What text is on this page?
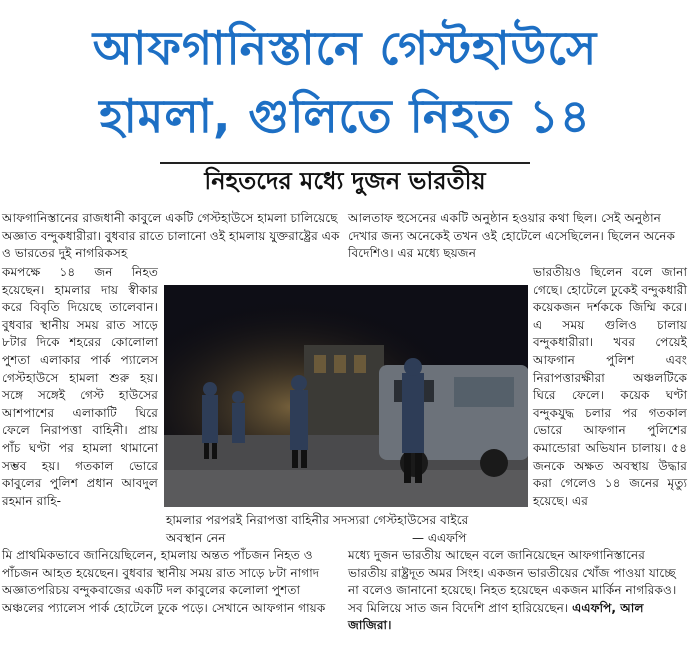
আফগানিস্তানে গেস্টহাউসে
হামলা, গুলিতে নিহত ১৪
নিহতদের মধ্যে দুজন ভারতীয়

আফগানিস্তানের রাজধানী কাবুলে একটি গেস্টহাউসে হামলা চালিয়েছে অজ্ঞাত বন্দুকধারীরা। বুধবার রাতে চালানো ওই হামলায় যুক্তরাষ্ট্রের এক ও ভারতের দুই নাগরিকসহ

কমপক্ষে ১৪ জন নিহত হয়েছেন। হামলার দায় স্বীকার করে বিবৃতি দিয়েছে তালেবান। বুধবার স্থানীয় সময় রাত সাড়ে ৮টার দিকে শহরের কোলোলা পুশতা এলাকার পার্ক প্যালেস গেস্টহাউসে হামলা শুরু হয়। সঙ্গে সঙ্গেই গেস্ট হাউসের আশপাশের এলাকাটি ঘিরে ফেলে নিরাপত্তা বাহিনী। প্রায় পাঁচ ঘণ্টা পর হামলা থামানো সম্ভব হয়। গতকাল ভোরে কাবুলের পুলিশ প্রধান আবদুল রহমান রাহি-

মি প্রাথমিকভাবে জানিয়েছিলেন, হামলায় অন্তত পাঁচজন নিহত ও পাঁচজন আহত হয়েছেন। বুধবার স্থানীয় সময় রাত সাড়ে ৮টা নাগাদ অজ্ঞাতপরিচয় বন্দুকবাজের একটি দল কাবুলের কলোলা পুশতা অঞ্চলের প্যালেস পার্ক হোটেলে ঢুকে পড়ে। সেখানে আফগান গায়ক

আলতাফ হুসেনের একটি অনুষ্ঠান হওয়ার কথা ছিল। সেই অনুষ্ঠান দেখার জন্য অনেকেই তখন ওই হোটেলে এসেছিলেন। ছিলেন অনেক বিদেশিও। এর মধ্যে ছয়জন

ভারতীয়ও ছিলেন বলে জানা গেছে। হোটেলে ঢুকেই বন্দুকধারী কয়েকজন দর্শককে জিম্মি করে। এ সময় গুলিও চালায় বন্দুকধারীরা। খবর পেয়েই আফগান পুলিশ এবং নিরাপত্তারক্ষীরা অঞ্চলটিকে ঘিরে ফেলে। কয়েক ঘণ্টা বন্দুকযুদ্ধ চলার পর গতকাল ভোরে আফগান পুলিশের কমান্ডোরা অভিযান চালায়। ৫৪ জনকে অক্ষত অবস্থায় উদ্ধার করা গেলেও ১৪ জনের মৃত্যু হয়েছে। এর

মধ্যে দুজন ভারতীয় আছেন বলে জানিয়েছেন আফগানিস্তানের ভারতীয় রাষ্ট্রদূত অমর সিংহ। একজন ভারতীয়ের খোঁজ পাওয়া যাচ্ছে না বলেও জানানো হয়েছে। নিহত হয়েছেন একজন মার্কিন নাগরিকও। সব মিলিয়ে সাত জন বিদেশি প্রাণ হারিয়েছেন। এএফপি, আল জাজিরা।

হামলার পরপরই নিরাপত্তা বাহিনীর সদস্যরা গেস্টহাউসের বাইরে অবস্থান নেন	— এএফপি
